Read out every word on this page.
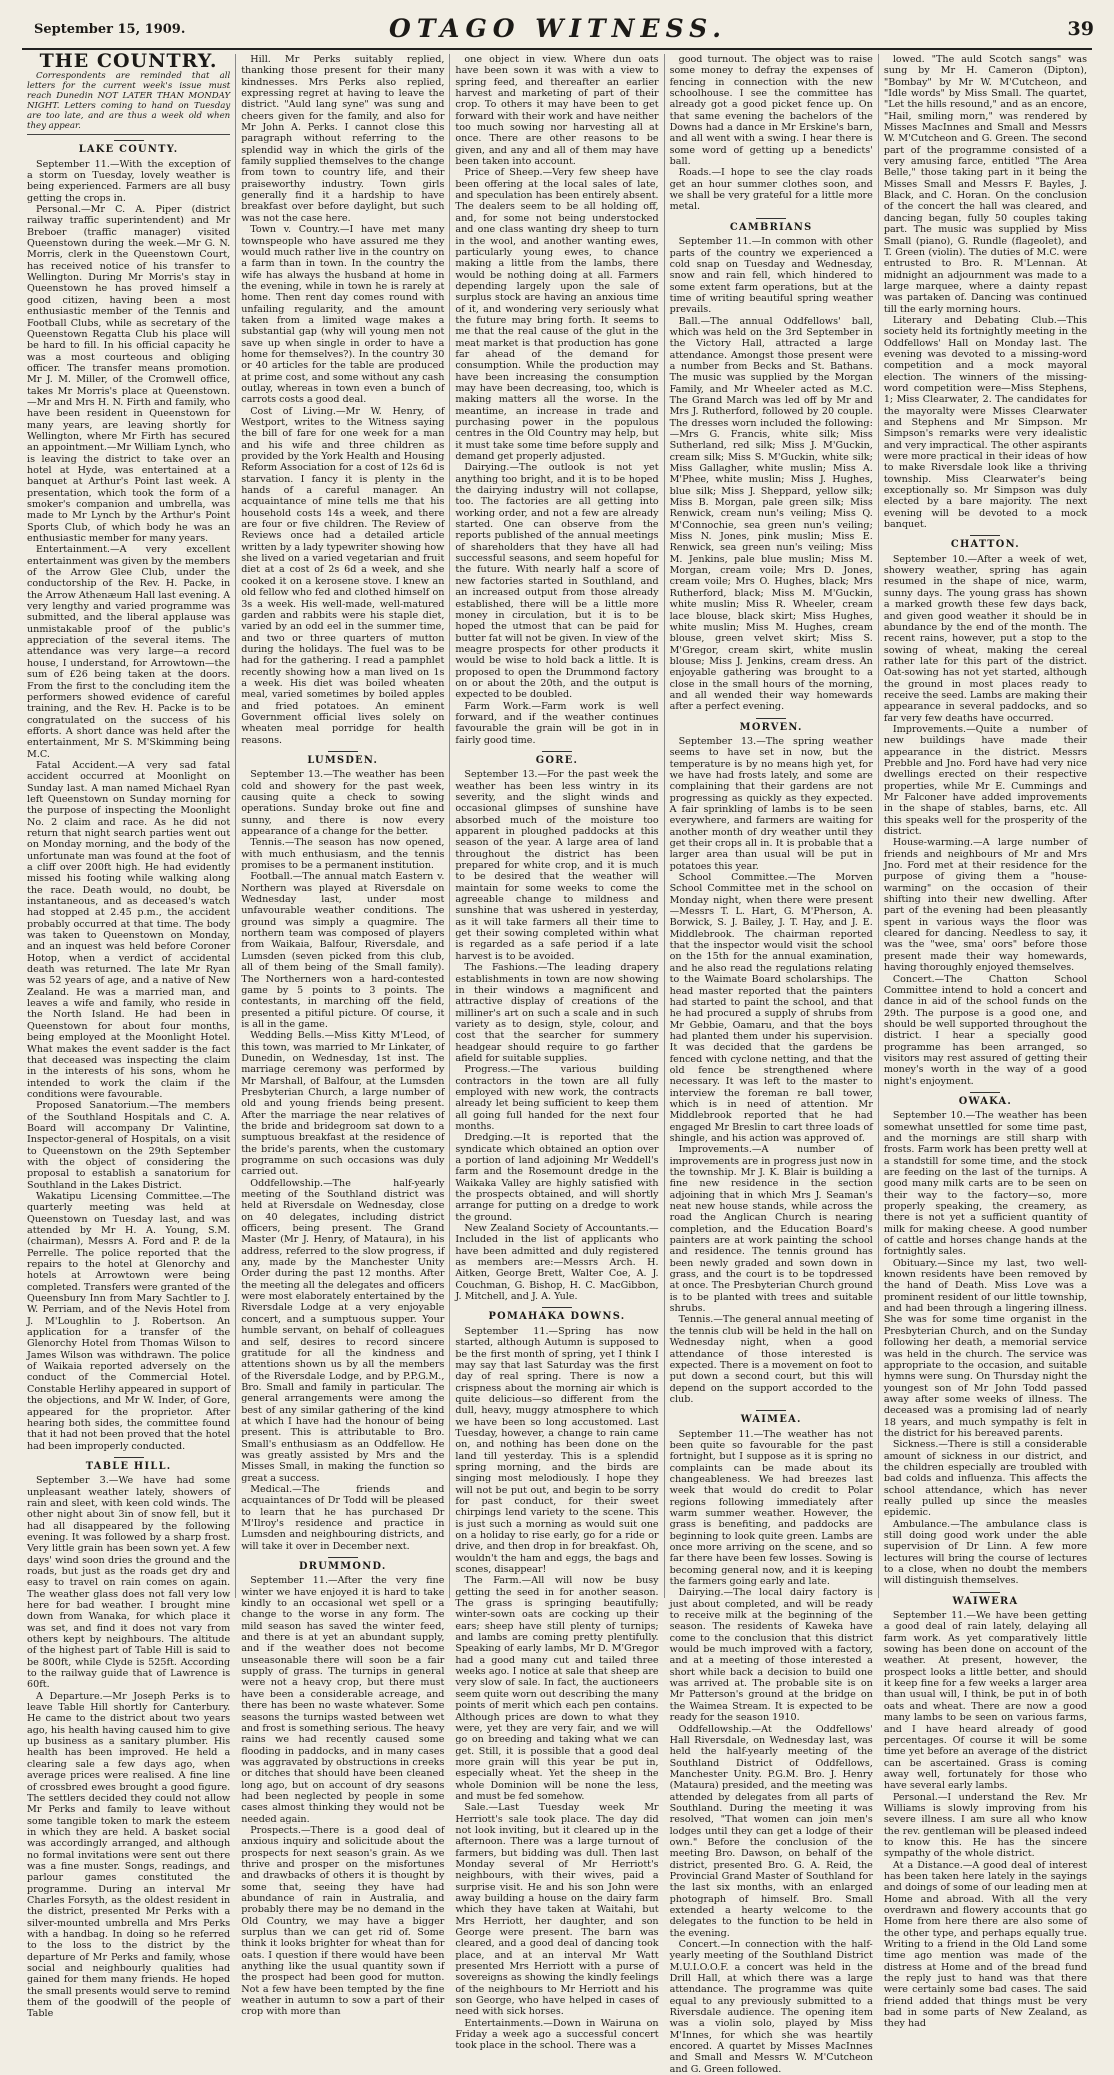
September 15, 1909.	OTAGO WITNESS.	39
THE COUNTRY.

Correspondents are reminded that all letters for the current week's issue must reach Dunedin NOT LATER THAN MONDAY NIGHT. Letters coming to hand on Tuesday are too late, and are thus a week old when they appear.

LAKE COUNTY.

September 11.—With the exception of a storm on Tuesday, lovely weather is being experienced. Farmers are all busy getting the crops in.

Personal.—Mr C. A. Piper (district railway traffic superintendent) and Mr Breboer (traffic manager) visited Queenstown during the week.—Mr G. N. Morris, clerk in the Queenstown Court, has received notice of his transfer to Wellington. During Mr Morris's stay in Queenstown he has proved himself a good citizen, having been a most enthusiastic member of the Tennis and Football Clubs, while as secretary of the Queenstown Regatta Club his place will be hard to fill. In his official capacity he was a most courteous and obliging officer. The transfer means promotion. Mr J. M. Miller, of the Cromwell office, takes Mr Morris's place at Queenstown.—Mr and Mrs H. N. Firth and family, who have been resident in Queenstown for many years, are leaving shortly for Wellington, where Mr Firth has secured an appointment.—Mr William Lynch, who is leaving the district to take over an hotel at Hyde, was entertained at a banquet at Arthur's Point last week. A presentation, which took the form of a smoker's companion and umbrella, was made to Mr Lynch by the Arthur's Point Sports Club, of which body he was an enthusiastic member for many years.

Entertainment.—A very excellent entertainment was given by the members of the Arrow Glee Club, under the conductorship of the Rev. H. Packe, in the Arrow Athenæum Hall last evening. A very lengthy and varied programme was submitted, and the liberal applause was unmistakable proof of the public's appreciation of the several items. The attendance was very large—a record house, I understand, for Arrowtown—the sum of £26 being taken at the doors. From the first to the concluding item the performers showed evidence of careful training, and the Rev. H. Packe is to be congratulated on the success of his efforts. A short dance was held after the entertainment, Mr S. M'Skimming being M.C.

Fatal Accident.—A very sad fatal accident occurred at Moonlight on Sunday last. A man named Michael Ryan left Queenstown on Sunday morning for the purpose of inspecting the Moonlight No. 2 claim and race. As he did not return that night search parties went out on Monday morning, and the body of the unfortunate man was found at the foot of a cliff over 200ft high. He had evidently missed his footing while walking along the race. Death would, no doubt, be instantaneous, and as deceased's watch had stopped at 2.45 p.m., the accident probably occurred at that time. The body was taken to Queenstown on Monday, and an inquest was held before Coroner Hotop, when a verdict of accidental death was returned. The late Mr Ryan was 52 years of age, and a native of New Zealand. He was a married man, and leaves a wife and family, who reside in the North Island. He had been in Queenstown for about four months, being employed at the Moonlight Hotel. What makes the event sadder is the fact that deceased was inspecting the claim in the interests of his sons, whom he intended to work the claim if the conditions were favourable.

Proposed Sanatorium.—The members of the Southland Hospitals and C. A. Board will accompany Dr Valintine, Inspector-general of Hospitals, on a visit to Queenstown on the 29th September with the object of considering the proposal to establish a sanatorium for Southland in the Lakes District.

Wakatipu Licensing Committee.—The quarterly meeting was held at Queenstown on Tuesday last, and was attended by Mr H. A. Young, S.M. (chairman), Messrs A. Ford and P. de la Perrelle. The police reported that the repairs to the hotel at Glenorchy and hotels at Arrowtown were being completed. Transfers were granted of the Queensbury Inn from Mary Sachtler to J. W. Perriam, and of the Nevis Hotel from J. M'Loughlin to J. Robertson. An application for a transfer of the Glenorchy Hotel from Thomas Wilson to James Wilson was withdrawn. The police of Waikaia reported adversely on the conduct of the Commercial Hotel. Constable Herlihy appeared in support of the objections, and Mr W. Inder, of Gore, appeared for the proprietor. After hearing both sides, the committee found that it had not been proved that the hotel had been improperly conducted.

TABLE HILL.

September 3.—We have had some unpleasant weather lately, showers of rain and sleet, with keen cold winds. The other night about 3in of snow fell, but it had all disappeared by the following evening. It was followed by a sharp frost. Very little grain has been sown yet. A few days' wind soon dries the ground and the roads, but just as the roads get dry and easy to travel on rain comes on again. The weather glass does not fall very low here for bad weather. I brought mine down from Wanaka, for which place it was set, and find it does not vary from others kept by neighbours. The altitude of the highest part of Table Hill is said to be 800ft, while Clyde is 525ft. According to the railway guide that of Lawrence is 60ft.

A Departure.—Mr Joseph Perks is to leave Table Hill shortly for Canterbury. He came to the district about two years ago, his health having caused him to give up business as a sanitary plumber. His health has been improved. He held a clearing sale a few days ago, when average prices were realised. A fine line of crossbred ewes brought a good figure. The settlers decided they could not allow Mr Perks and family to leave without some tangible token to mark the esteem in which they are held. A basket social was accordingly arranged, and although no formal invitations were sent out there was a fine muster. Songs, readings, and parlour games constituted the programme. During an interval Mr Charles Forsyth, as the oldest resident in the district, presented Mr Perks with a silver-mounted umbrella and Mrs Perks with a handbag. In doing so he referred to the loss to the district by the departure of Mr Perks and family, whose social and neighbourly qualities had gained for them many friends. He hoped the small presents would serve to remind them of the goodwill of the people of Table

Hill. Mr Perks suitably replied, thanking those present for their many kindnesses. Mrs Perks also replied, expressing regret at having to leave the district. "Auld lang syne" was sung and cheers given for the family, and also for Mr John A. Perks. I cannot close this paragraph without referring to the splendid way in which the girls of the family supplied themselves to the change from town to country life, and their praiseworthy industry. Town girls generally find it a hardship to have breakfast over before daylight, but such was not the case here.

Town v. Country.—I have met many townspeople who have assured me they would much rather live in the country on a farm than in town. In the country the wife has always the husband at home in the evening, while in town he is rarely at home. Then rent day comes round with unfailing regularity, and the amount taken from a limited wage makes a substantial gap (why will young men not save up when single in order to have a home for themselves?). In the country 30 or 40 articles for the table are produced at prime cost, and some without any cash outlay, whereas in town even a bunch of carrots costs a good deal.

Cost of Living.—Mr W. Henry, of Westport, writes to the Witness saying the bill of fare for one week for a man and his wife and three children as provided by the York Health and Housing Reform Association for a cost of 12s 6d is starvation. I fancy it is plenty in the hands of a careful manager. An acquaintance of mine tells me that his household costs 14s a week, and there are four or five children. The Review of Reviews once had a detailed article written by a lady typewriter showing how she lived on a varied vegetarian and fruit diet at a cost of 2s 6d a week, and she cooked it on a kerosene stove. I knew an old fellow who fed and clothed himself on 3s a week. His well-made, well-matured garden and rabbits were his staple diet, varied by an odd eel in the summer time, and two or three quarters of mutton during the holidays. The fuel was to be had for the gathering. I read a pamphlet recently showing how a man lived on 1s a week. His diet was boiled wheaten meal, varied sometimes by boiled apples and fried potatoes. An eminent Government official lives solely on wheaten meal porridge for health reasons.

LUMSDEN.

September 13.—The weather has been cold and showery for the past week, causing quite a check to sowing operations. Sunday broke out fine and sunny, and there is now every appearance of a change for the better.

Tennis.—The season has now opened, with much enthusiasm, and the tennis promises to be a permanent institution.

Football.—The annual match Eastern v. Northern was played at Riversdale on Wednesday last, under most unfavourable weather conditions. The ground was simply a quagmire. The northern team was composed of players from Waikaia, Balfour, Riversdale, and Lumsden (seven picked from this club, all of them being of the Small family). The Northerners won a hard-contested game by 5 points to 3 points. The contestants, in marching off the field, presented a pitiful picture. Of course, it is all in the game.

Wedding Bells.—Miss Kitty M'Leod, of this town, was married to Mr Linkater, of Dunedin, on Wednesday, 1st inst. The marriage ceremony was performed by Mr Marshall, of Balfour, at the Lumsden Presbyterian Church, a large number of old and young friends being present. After the marriage the near relatives of the bride and bridegroom sat down to a sumptuous breakfast at the residence of the bride's parents, when the customary programme on such occasions was duly carried out.

Oddfellowship.—The half-yearly meeting of the Southland district was held at Riversdale on Wednesday, close on 40 delegates, including district officers, being present. The Grand Master (Mr J. Henry, of Mataura), in his address, referred to the slow progress, if any, made by the Manchester Unity Order during the past 12 months. After the meeting all the delegates and officers were most elaborately entertained by the Riversdale Lodge at a very enjoyable concert, and a sumptuous supper. Your humble servant, on behalf of colleagues and self, desires to record sincere gratitude for all the kindness and attentions shown us by all the members of the Riversdale Lodge, and by P.P.G.M., Bro. Small and family in particular. The general arrangements were among the best of any similar gathering of the kind at which I have had the honour of being present. This is attributable to Bro. Small's enthusiasm as an Oddfellow. He was greatly assisted by Mrs and the Misses Small, in making the function so great a success.

Medical.—The friends and acquaintances of Dr Todd will be pleased to learn that he has purchased Dr M'Ilroy's residence and practice in Lumsden and neighbouring districts, and will take it over in December next.

DRUMMOND.

September 11.—After the very fine winter we have enjoyed it is hard to take kindly to an occasional wet spell or a change to the worse in any form. The mild season has saved the winter feed, and there is at yet an abundant supply, and if the weather does not become unseasonable there will soon be a fair supply of grass. The turnips in general were not a heavy crop, but there must have been a considerable acreage, and there has been no waste whatever. Some seasons the turnips wasted between wet and frost is something serious. The heavy rains we had recently caused some flooding in paddocks, and in many cases was aggravated by obstructions in creeks or ditches that should have been cleaned long ago, but on account of dry seasons had been neglected by people in some cases almost thinking they would not be needed again.

Prospects.—There is a good deal of anxious inquiry and solicitude about the prospects for next season's grain. As we thrive and prosper on the misfortunes and drawbacks of others it is thought by some that, seeing they have had abundance of rain in Australia, and probably there may be no demand in the Old Country, we may have a bigger surplus than we can get rid of. Some think it looks brighter for wheat than for oats. I question if there would have been anything like the usual quantity sown if the prospect had been good for mutton. Not a few have been tempted by the fine weather in autumn to sow a part of their crop with more than

one object in view. Where dun oats have been sown it was with a view to spring feed, and thereafter an earlier harvest and marketing of part of their crop. To others it may have been to get forward with their work and have neither too much sowing nor harvesting all at once. There are other reasons to be given, and any and all of them may have been taken into account.

Price of Sheep.—Very few sheep have been offering at the local sales of late, and speculation has been entirely absent. The dealers seem to be all holding off, and, for some not being understocked and one class wanting dry sheep to turn in the wool, and another wanting ewes, particularly young ewes, to chance making a little from the lambs, there would be nothing doing at all. Farmers depending largely upon the sale of surplus stock are having an anxious time of it, and wondering very seriously what the future may bring forth. It seems to me that the real cause of the glut in the meat market is that production has gone far ahead of the demand for consumption. While the production may have been increasing the consumption may have been decreasing, too, which is making matters all the worse. In the meantime, an increase in trade and purchasing power in the populous centres in the Old Country may help, but it must take some time before supply and demand get properly adjusted.

Dairying.—The outlook is not yet anything too bright, and it is to be hoped the dairying industry will not collapse, too. The factories are all getting into working order, and not a few are already started. One can observe from the reports published of the annual meetings of shareholders that they have all had successful seasons, and seem hopeful for the future. With nearly half a score of new factories started in Southland, and an increased output from those already established, there will be a little more money in circulation, but it is to be hoped the utmost that can be paid for butter fat will not be given. In view of the meagre prospects for other products it would be wise to hold back a little. It is proposed to open the Drummond factory on or about the 20th, and the output is expected to be doubled.

Farm Work.—Farm work is well forward, and if the weather continues favourable the grain will be got in in fairly good time.

GORE.

September 13.—For the past week the weather has been less wintry in its severity, and the slight winds and occasional glimpses of sunshine have absorbed much of the moisture too apparent in ploughed paddocks at this season of the year. A large area of land throughout the district has been prepared for white crop, and it is much to be desired that the weather will maintain for some weeks to come the agreeable change to mildness and sunshine that was ushered in yesterday, as it will take farmers all their time to get their sowing completed within what is regarded as a safe period if a late harvest is to be avoided.

The Fashions.—The leading drapery establishments in town are now showing in their windows a magnificent and attractive display of creations of the milliner's art on such a scale and in such variety as to design, style, colour, and cost that the searcher for summery headgear should require to go farther afield for suitable supplies.

Progress.—The various building contractors in the town are all fully employed with new work, the contracts already let being sufficient to keep them all going full handed for the next four months.

Dredging.—It is reported that the syndicate which obtained an option over a portion of land adjoining Mr Weddell's farm and the Rosemount dredge in the Waikaka Valley are highly satisfied with the prospects obtained, and will shortly arrange for putting on a dredge to work the ground.

New Zealand Society of Accountants.—Included in the list of applicants who have been admitted and duly registered as members are:—Messrs Arch. H. Aitken, George Brett, Walter Coe, A. J. Couchman, G. Bishop, H. C. MacGibbon, J. Mitchell, and J. A. Yule.

POMAHAKA DOWNS.

September 11.—Spring has now started, although Autumn is supposed to be the first month of spring, yet I think I may say that last Saturday was the first day of real spring. There is now a crispness about the morning air which is quite delicious—so different from the dull, heavy, muggy atmosphere to which we have been so long accustomed. Last Tuesday, however, a change to rain came on, and nothing has been done on the land till yesterday. This is a splendid spring morning, and the birds are singing most melodiously. I hope they will not be put out, and begin to be sorry for past conduct, for their sweet chirpings lend variety to the scene. This is just such a morning as would suit one on a holiday to rise early, go for a ride or drive, and then drop in for breakfast. Oh, wouldn't the ham and eggs, the bags and scones, disappear!

The Farm.—All will now be busy getting the seed in for another season. The grass is springing beautifully; winter-sown oats are cocking up their ears; sheep have still plenty of turnips; and lambs are coming pretty plentifully. Speaking of early lambs, Mr D. M'Gregor had a good many cut and tailed three weeks ago. I notice at sale that sheep are very slow of sale. In fact, the auctioneers seem quite worn out describing the many points of merit which each pen contains. Although prices are down to what they were, yet they are very fair, and we will go on breeding and taking what we can get. Still, it is possible that a good deal more grain will this year be put in, especially wheat. Yet the sheep in the whole Dominion will be none the less, and must be fed somehow.

Sale.—Last Tuesday week Mr Herriott's sale took place. The day did not look inviting, but it cleared up in the afternoon. There was a large turnout of farmers, but bidding was dull. Then last Monday several of Mr Herriott's neighbours, with their wives, paid a surprise visit. He and his son John were away building a house on the dairy farm which they have taken at Waitahi, but Mrs Herriott, her daughter, and son George were present. The barn was cleared, and a good deal of dancing took place, and at an interval Mr Watt presented Mrs Herriott with a purse of sovereigns as showing the kindly feelings of the neighbours to Mr Herriott and his son George, who have helped in cases of need with sick horses.

Entertainments.—Down in Wairuna on Friday a week ago a successful concert took place in the school. There was a

good turnout. The object was to raise some money to defray the expenses of fencing in connection with the new schoolhouse. I see the committee has already got a good picket fence up. On that same evening the bachelors of the Downs had a dance in Mr Erskine's barn, and all went with a swing. I hear there is some word of getting up a benedicts' ball.

Roads.—I hope to see the clay roads get an hour summer clothes soon, and we shall be very grateful for a little more metal.

CAMBRIANS

September 11.—In common with other parts of the country we experienced a cold snap on Tuesday and Wednesday, snow and rain fell, which hindered to some extent farm operations, but at the time of writing beautiful spring weather prevails.

Ball.—The annual Oddfellows' ball, which was held on the 3rd September in the Victory Hall, attracted a large attendance. Amongst those present were a number from Becks and St. Bathans. The music was supplied by the Morgan Family, and Mr Wheeler acted as M.C. The Grand March was led off by Mr and Mrs J. Rutherford, followed by 20 couple. The dresses worn included the following:—Mrs G. Francis, white silk; Miss Sutherland, red silk; Miss J. M'Guckin, cream silk; Miss S. M'Guckin, white silk; Miss Gallagher, white muslin; Miss A. M'Phee, white muslin; Miss J. Hughes, blue silk; Miss J. Sheppard, yellow silk; Miss B. Morgan, pale green silk; Miss Renwick, cream nun's veiling; Miss Q. M'Connochie, sea green nun's veiling; Miss N. Jones, pink muslin; Miss E. Renwick, sea green nun's veiling; Miss M. Jenkins, pale blue muslin; Miss M. Morgan, cream voile; Mrs D. Jones, cream voile; Mrs O. Hughes, black; Mrs Rutherford, black; Miss M. M'Guckin, white muslin; Miss R. Wheeler, cream lace blouse, black skirt; Miss Hughes, white muslin; Miss M. Hughes, cream blouse, green velvet skirt; Miss S. M'Gregor, cream skirt, white muslin blouse; Miss J. Jenkins, cream dress. An enjoyable gathering was brought to a close in the small hours of the morning, and all wended their way homewards after a perfect evening.

MORVEN.

September 13.—The spring weather seems to have set in now, but the temperature is by no means high yet, for we have had frosts lately, and some are complaining that their gardens are not progressing as quickly as they expected. A fair sprinkling of lambs is to be seen everywhere, and farmers are waiting for another month of dry weather until they get their crops all in. It is probable that a larger area than usual will be put in potatoes this year.

School Committee.—The Morven School Committee met in the school on Monday night, when there were present—Messrs T. L. Hart, G. M'Pherson, A. Borwick, S. J. Bailey, J. T. Hay, and J. E. Middlebrook. The chairman reported that the inspector would visit the school on the 15th for the annual examination, and he also read the regulations relating to the Waimate Board scholarships. The head master reported that the painters had started to paint the school, and that he had procured a supply of shrubs from Mr Gebbie, Oamaru, and that the boys had planted them under his supervision. It was decided that the gardens be fenced with cyclone netting, and that the old fence be strengthened where necessary. It was left to the master to interview the foreman re ball tower, which is in need of attention. Mr Middlebrook reported that he had engaged Mr Breslin to cart three loads of shingle, and his action was approved of.

Improvements.—A number of improvements are in progress just now in the township. Mr J. K. Blair is building a fine new residence in the section adjoining that in which Mrs J. Seaman's neat new house stands, while across the road the Anglican Church is nearing completion, and the Education Board's painters are at work painting the school and residence. The tennis ground has been newly graded and sown down in grass, and the court is to be topdressed at once. The Presbyterian Church ground is to be planted with trees and suitable shrubs.

Tennis.—The general annual meeting of the tennis club will be held in the hall on Wednesday night, when a good attendance of those interested is expected. There is a movement on foot to put down a second court, but this will depend on the support accorded to the club.

WAIMEA.

September 11.—The weather has not been quite so favourable for the past fortnight, but I suppose as it is spring no complaints can be made about its changeableness. We had breezes last week that would do credit to Polar regions following immediately after warm summer weather. However, the grass is benefiting, and paddocks are beginning to look quite green. Lambs are once more arriving on the scene, and so far there have been few losses. Sowing is becoming general now, and it is keeping the farmers going early and late.

Dairying.—The local dairy factory is just about completed, and will be ready to receive milk at the beginning of the season. The residents of Kaweka have come to the conclusion that this district would be much improved with a factory, and at a meeting of those interested a short while back a decision to build one was arrived at. The probable site is on Mr Patterson's ground at the bridge on the Waimea Stream. It is expected to be ready for the season 1910.

Oddfellowship.—At the Oddfellows' Hall Riversdale, on Wednesday last, was held the half-yearly meeting of the Southland District of Oddfellows, Manchester Unity. P.G.M. Bro. J. Henry (Mataura) presided, and the meeting was attended by delegates from all parts of Southland. During the meeting it was resolved, "That women can join men's lodges until they can get a lodge of their own." Before the conclusion of the meeting Bro. Dawson, on behalf of the district, presented Bro. G. A. Reid, the Provincial Grand Master of Southland for the last six months, with an enlarged photograph of himself. Bro. Small extended a hearty welcome to the delegates to the function to be held in the evening.

Concert.—In connection with the half-yearly meeting of the Southland District M.U.I.O.O.F. a concert was held in the Drill Hall, at which there was a large attendance. The programme was quite equal to any previously submitted to a Riversdale audience. The opening item was a violin solo, played by Miss M'Innes, for which she was heartily encored. A quartet by Misses MacInnes and Small and Messrs W. M'Cutcheon and G. Green followed.

lowed. "The auld Scotch sangs" was sung by Mr H. Cameron (Dipton), "Bombay" by Mr W. M'Cutcheon, and "Idle words" by Miss Small. The quartet, "Let the hills resound," and as an encore, "Hail, smiling morn," was rendered by Misses MacInnes and Small and Messrs W. M'Cutcheon and G. Green. The second part of the programme consisted of a very amusing farce, entitled "The Area Belle," those taking part in it being the Misses Small and Messrs F. Bayles, J. Black, and C. Horan. On the conclusion of the concert the hall was cleared, and dancing began, fully 50 couples taking part. The music was supplied by Miss Small (piano), G. Rundle (flageolet), and T. Green (violin). The duties of M.C. were entrusted to Bro. R. M'Lennan. At midnight an adjournment was made to a large marquee, where a dainty repast was partaken of. Dancing was continued till the early morning hours.

Literary and Debating Club.—This society held its fortnightly meeting in the Oddfellows' Hall on Monday last. The evening was devoted to a missing-word competition and a mock mayoral election. The winners of the missing-word competition were—Miss Stephens, 1; Miss Clearwater, 2. The candidates for the mayoralty were Misses Clearwater and Stephens and Mr Simpson. Mr Simpson's remarks were very idealistic and very impractical. The other aspirants were more practical in their ideas of how to make Riversdale look like a thriving township. Miss Clearwater's being exceptionally so. Mr Simpson was duly elected by a bare majority. The next evening will be devoted to a mock banquet.

CHATTON.

September 10.—After a week of wet, showery weather, spring has again resumed in the shape of nice, warm, sunny days. The young grass has shown a marked growth these few days back, and given good weather it should be in abundance by the end of the month. The recent rains, however, put a stop to the sowing of wheat, making the cereal rather late for this part of the district. Oat-sowing has not yet started, although the ground in most places ready to receive the seed. Lambs are making their appearance in several paddocks, and so far very few deaths have occurred.

Improvements.—Quite a number of new buildings have made their appearance in the district. Messrs Prebble and Jno. Ford have had very nice dwellings erected on their respective properties, while Mr E. Cummings and Mr Falconer have added improvements in the shape of stables, barns, etc. All this speaks well for the prosperity of the district.

House-warming.—A large number of friends and neighbours of Mr and Mrs Jno. Ford met at their residence for the purpose of giving them a "house-warming" on the occasion of their shifting into their new dwelling. After part of the evening had been pleasantly spent in various ways the floor was cleared for dancing. Needless to say, it was the "wee, sma' oors" before those present made their way homewards, having thoroughly enjoyed themselves.

Concert.—The Chatton School Committee intend to hold a concert and dance in aid of the school funds on the 29th. The purpose is a good one, and should be well supported throughout the district. I hear a specially good programme has been arranged, so visitors may rest assured of getting their money's worth in the way of a good night's enjoyment.

OWAKA.

September 10.—The weather has been somewhat unsettled for some time past, and the mornings are still sharp with frosts. Farm work has been pretty well at a standstill for some time, and the stock are feeding on the last of the turnips. A good many milk carts are to be seen on their way to the factory—so, more properly speaking, the creamery, as there is not yet a sufficient quantity of milk for making cheese. A good number of cattle and horses change hands at the fortnightly sales.

Obituary.—Since my last, two well-known residents have been removed by the hand of Death. Miss Love was a prominent resident of our little township, and had been through a lingering illness. She was for some time organist in the Presbyterian Church, and on the Sunday following her death, a memorial service was held in the church. The service was appropriate to the occasion, and suitable hymns were sung. On Thursday night the youngest son of Mr John Todd passed away after some weeks of illness. The deceased was a promising lad of nearly 18 years, and much sympathy is felt in the district for his bereaved parents.

Sickness.—There is still a considerable amount of sickness in our district, and the children especially are troubled with bad colds and influenza. This affects the school attendance, which has never really pulled up since the measles epidemic.

Ambulance.—The ambulance class is still doing good work under the able supervision of Dr Linn. A few more lectures will bring the course of lectures to a close, when no doubt the members will distinguish themselves.

WAIWERA

September 11.—We have been getting a good deal of rain lately, delaying all farm work. As yet comparatively little sowing has been done on account of the weather. At present, however, the prospect looks a little better, and should it keep fine for a few weeks a larger area than usual will, I think, be put in of both oats and wheat. There are now a good many lambs to be seen on various farms, and I have heard already of good percentages. Of course it will be some time yet before an average of the district can be ascertained. Grass is coming away well, fortunately for those who have several early lambs.

Personal.—I understand the Rev. Mr Williams is slowly improving from his severe illness. I am sure all who know the rev. gentleman will be pleased indeed to know this. He has the sincere sympathy of the whole district.

At a Distance.—A good deal of interest has been taken here lately in the sayings and doings of some of our leading men at Home and abroad. With all the very overdrawn and flowery accounts that go Home from here there are also some of the other type, and perhaps equally true. Writing to a friend in the Old Land some time ago mention was made of the distress at Home and of the bread fund the reply just to hand was that there were certainly some bad cases. The said friend added that things must be very bad in some parts of New Zealand, as they had
